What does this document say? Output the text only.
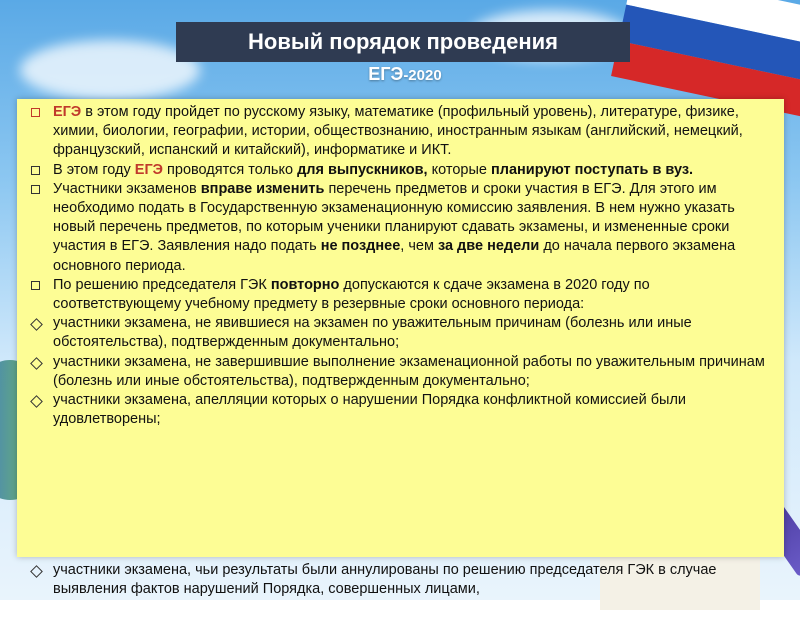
Новый порядок проведения
ЕГЭ-2020
ЕГЭ в этом году пройдет по русскому языку, математике (профильный уровень), литературе, физике, химии, биологии, географии, истории, обществознанию, иностранным языкам (английский, немецкий, французский, испанский и китайский), информатике и ИКТ.
В этом году ЕГЭ проводятся только для выпускников, которые планируют поступать в вуз.
Участники экзаменов вправе изменить перечень предметов и сроки участия в ЕГЭ. Для этого им необходимо подать в Государственную экзаменационную комиссию заявления. В нем нужно указать новый перечень предметов, по которым ученики планируют сдавать экзамены, и измененные сроки участия в ЕГЭ. Заявления надо подать не позднее, чем за две недели до начала первого экзамена основного периода.
По решению председателя ГЭК повторно допускаются к сдаче экзамена в 2020 году по соответствующему учебному предмету в резервные сроки основного периода:
участники экзамена, не явившиеся на экзамен по уважительным причинам (болезнь или иные обстоятельства), подтвержденным документально;
участники экзамена, не завершившие выполнение экзаменационной работы по уважительным причинам (болезнь или иные обстоятельства), подтвержденным документально;
участники экзамена, апелляции которых о нарушении Порядка конфликтной комиссией были удовлетворены;
участники экзамена, чьи результаты были аннулированы по решению председателя ГЭК в случае выявления фактов нарушений Порядка, совершенных лицами,
